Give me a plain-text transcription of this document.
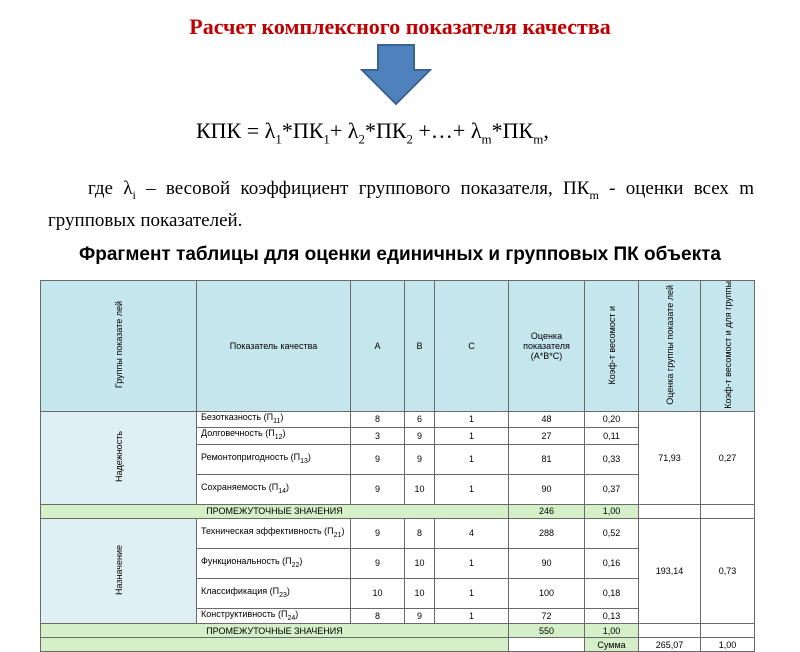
Расчет комплексного показателя качества
КПК = $\lambda_1*ПК_1+ \lambda_2*ПК_2$ +…+ $\lambda_m*ПК_m$,
где $\lambda_i$ – весовой коэффициент группового показателя, $ПК_m$ - оценки всех m групповых показателей.
Фрагмент таблицы для оценки единичных и групповых ПК объекта
Группы показате лей	Показатель качества	А	В	С	Оценка показателя (А*В*С)	Коэф-т весомост и	Оценка группы показате лей	Коэф-т весомост и для группы
Надежность	Безотказность $(П_{11})$	8	6	1	48	0,20	71,93	0,27
	Долговечность $(П_{12})$	3	9	1	27	0,11		
	Ремонтопригодность $(П_{13})$	9	9	1	81	0,33		
	Сохраняемость $(П_{14})$	9	10	1	90	0,37		
ПРОМЕЖУТОЧНЫЕ ЗНАЧЕНИЯ					246	1,00		
Назначение	Техническая эффективность $(П_{21})$	9	8	4	288	0,52	193,14	0,73
	Функциональность $(П_{22})$	9	10	1	90	0,16		
	Классификация $(П_{23})$	10	10	1	100	0,18		
	Конструктивность $(П_{24})$	8	9	1	72	0,13		
ПРОМЕЖУТОЧНЫЕ ЗНАЧЕНИЯ					550	1,00		
						Сумма	265,07	1,00
